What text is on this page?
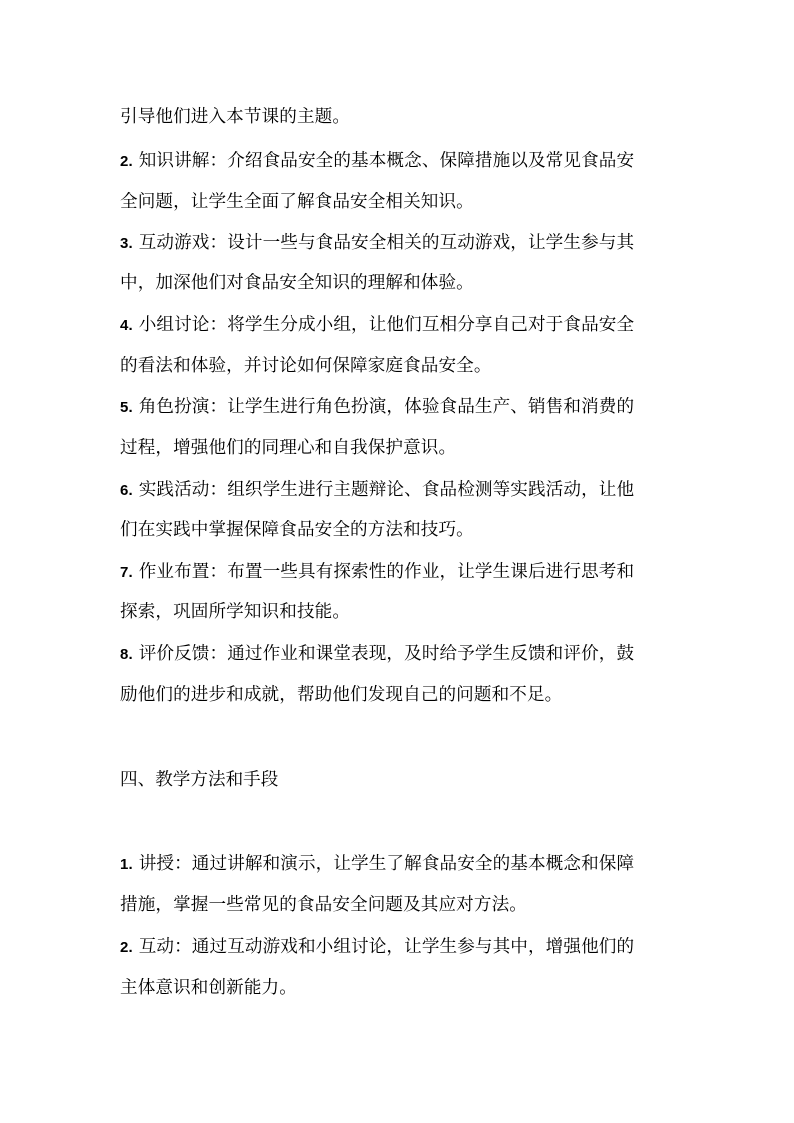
引导他们进入本节课的主题。
2. 知识讲解：介绍食品安全的基本概念、保障措施以及常见食品安
全问题，让学生全面了解食品安全相关知识。
3. 互动游戏：设计一些与食品安全相关的互动游戏，让学生参与其
中，加深他们对食品安全知识的理解和体验。
4. 小组讨论：将学生分成小组，让他们互相分享自己对于食品安全
的看法和体验，并讨论如何保障家庭食品安全。
5. 角色扮演：让学生进行角色扮演，体验食品生产、销售和消费的
过程，增强他们的同理心和自我保护意识。
6. 实践活动：组织学生进行主题辩论、食品检测等实践活动，让他
们在实践中掌握保障食品安全的方法和技巧。
7. 作业布置：布置一些具有探索性的作业，让学生课后进行思考和
探索，巩固所学知识和技能。
8. 评价反馈：通过作业和课堂表现，及时给予学生反馈和评价，鼓
励他们的进步和成就，帮助他们发现自己的问题和不足。
四、教学方法和手段
1. 讲授：通过讲解和演示，让学生了解食品安全的基本概念和保障
措施，掌握一些常见的食品安全问题及其应对方法。
2. 互动：通过互动游戏和小组讨论，让学生参与其中，增强他们的
主体意识和创新能力。
